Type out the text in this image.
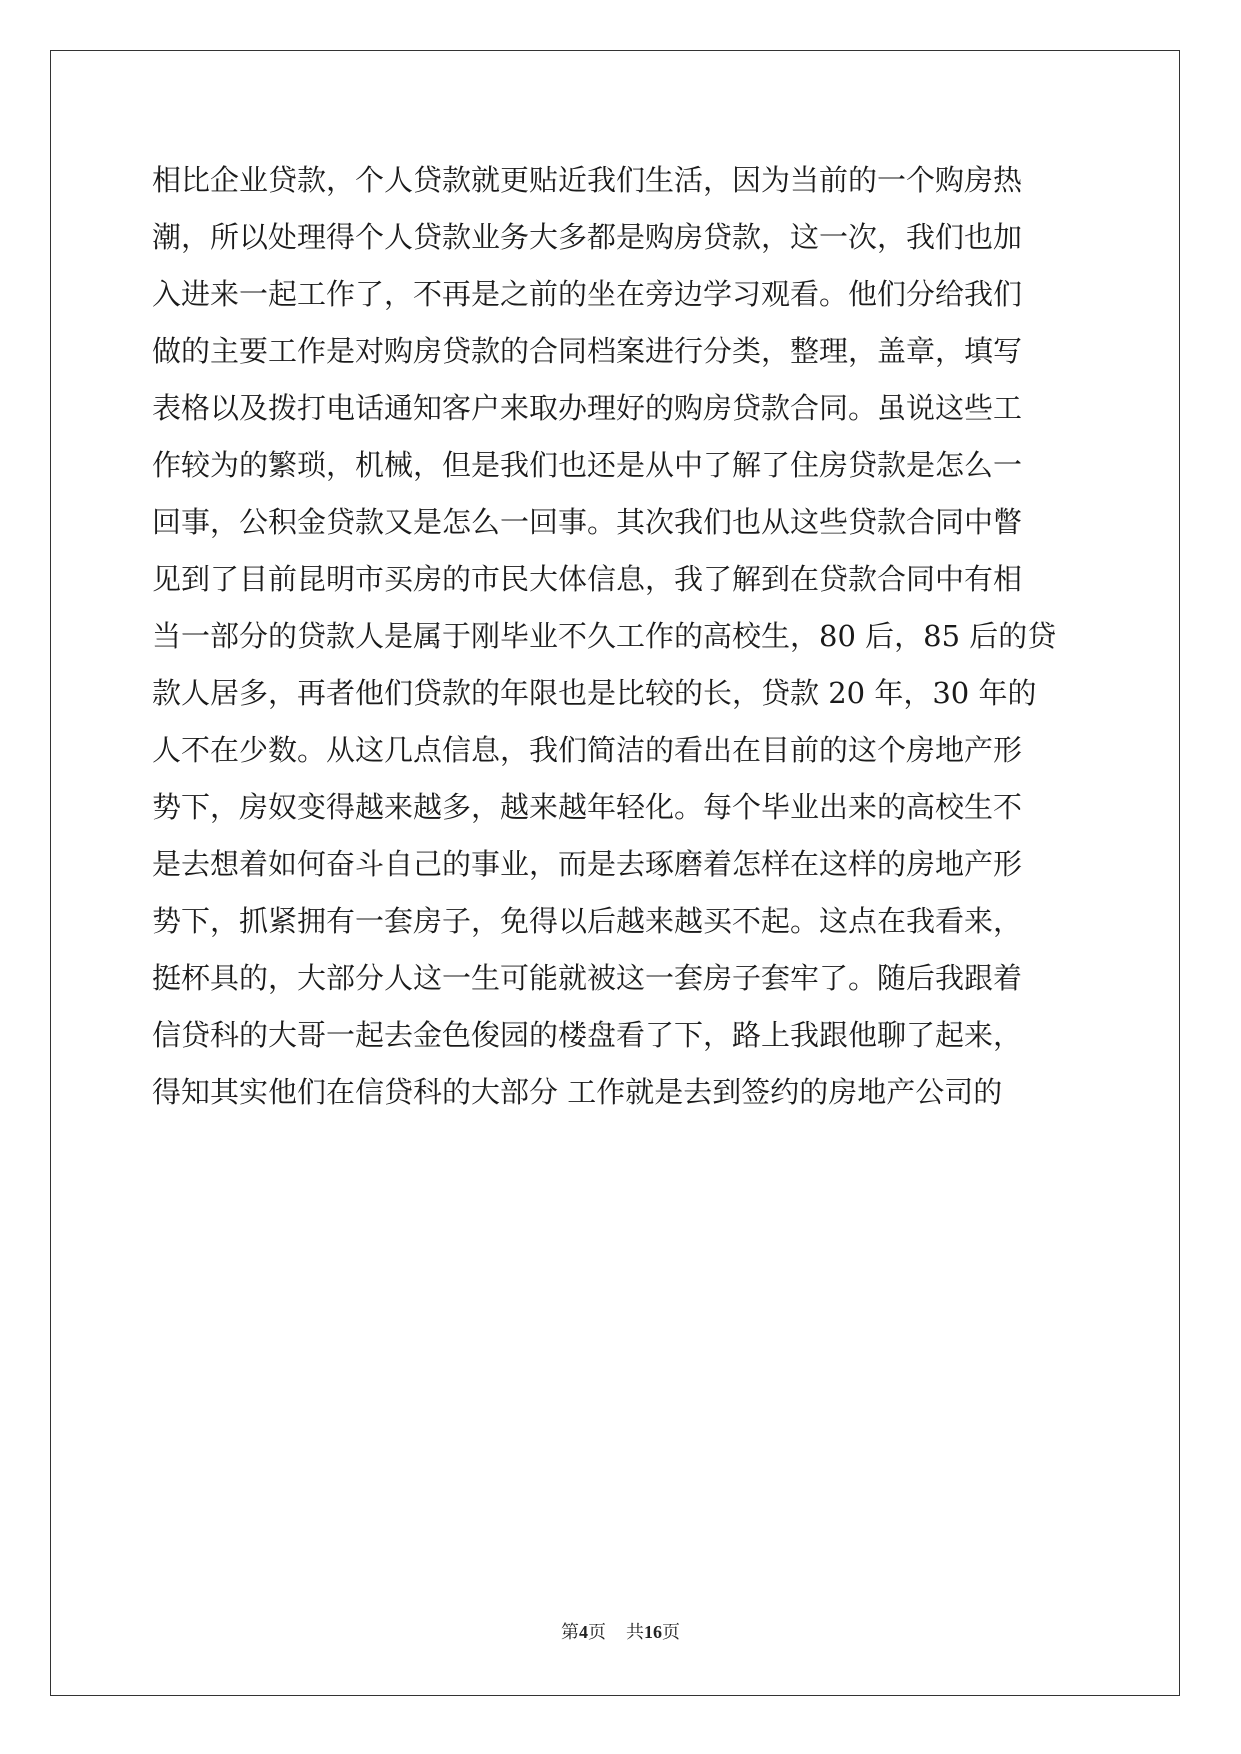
相比企业贷款，个人贷款就更贴近我们生活，因为当前的一个购房热
潮，所以处理得个人贷款业务大多都是购房贷款，这一次，我们也加
入进来一起工作了，不再是之前的坐在旁边学习观看。他们分给我们
做的主要工作是对购房贷款的合同档案进行分类，整理，盖章，填写
表格以及拨打电话通知客户来取办理好的购房贷款合同。虽说这些工
作较为的繁琐，机械，但是我们也还是从中了解了住房贷款是怎么一
回事，公积金贷款又是怎么一回事。其次我们也从这些贷款合同中瞥
见到了目前昆明市买房的市民大体信息，我了解到在贷款合同中有相
当一部分的贷款人是属于刚毕业不久工作的高校生，80 后，85 后的贷
款人居多，再者他们贷款的年限也是比较的长，贷款 20 年，30 年的
人不在少数。从这几点信息，我们简洁的看出在目前的这个房地产形
势下，房奴变得越来越多，越来越年轻化。每个毕业出来的高校生不
是去想着如何奋斗自己的事业，而是去琢磨着怎样在这样的房地产形
势下，抓紧拥有一套房子，免得以后越来越买不起。这点在我看来，
挺杯具的，大部分人这一生可能就被这一套房子套牢了。随后我跟着
信贷科的大哥一起去金色俊园的楼盘看了下，路上我跟他聊了起来，
得知其实他们在信贷科的大部分 工作就是去到签约的房地产公司的
第4页 共16页
